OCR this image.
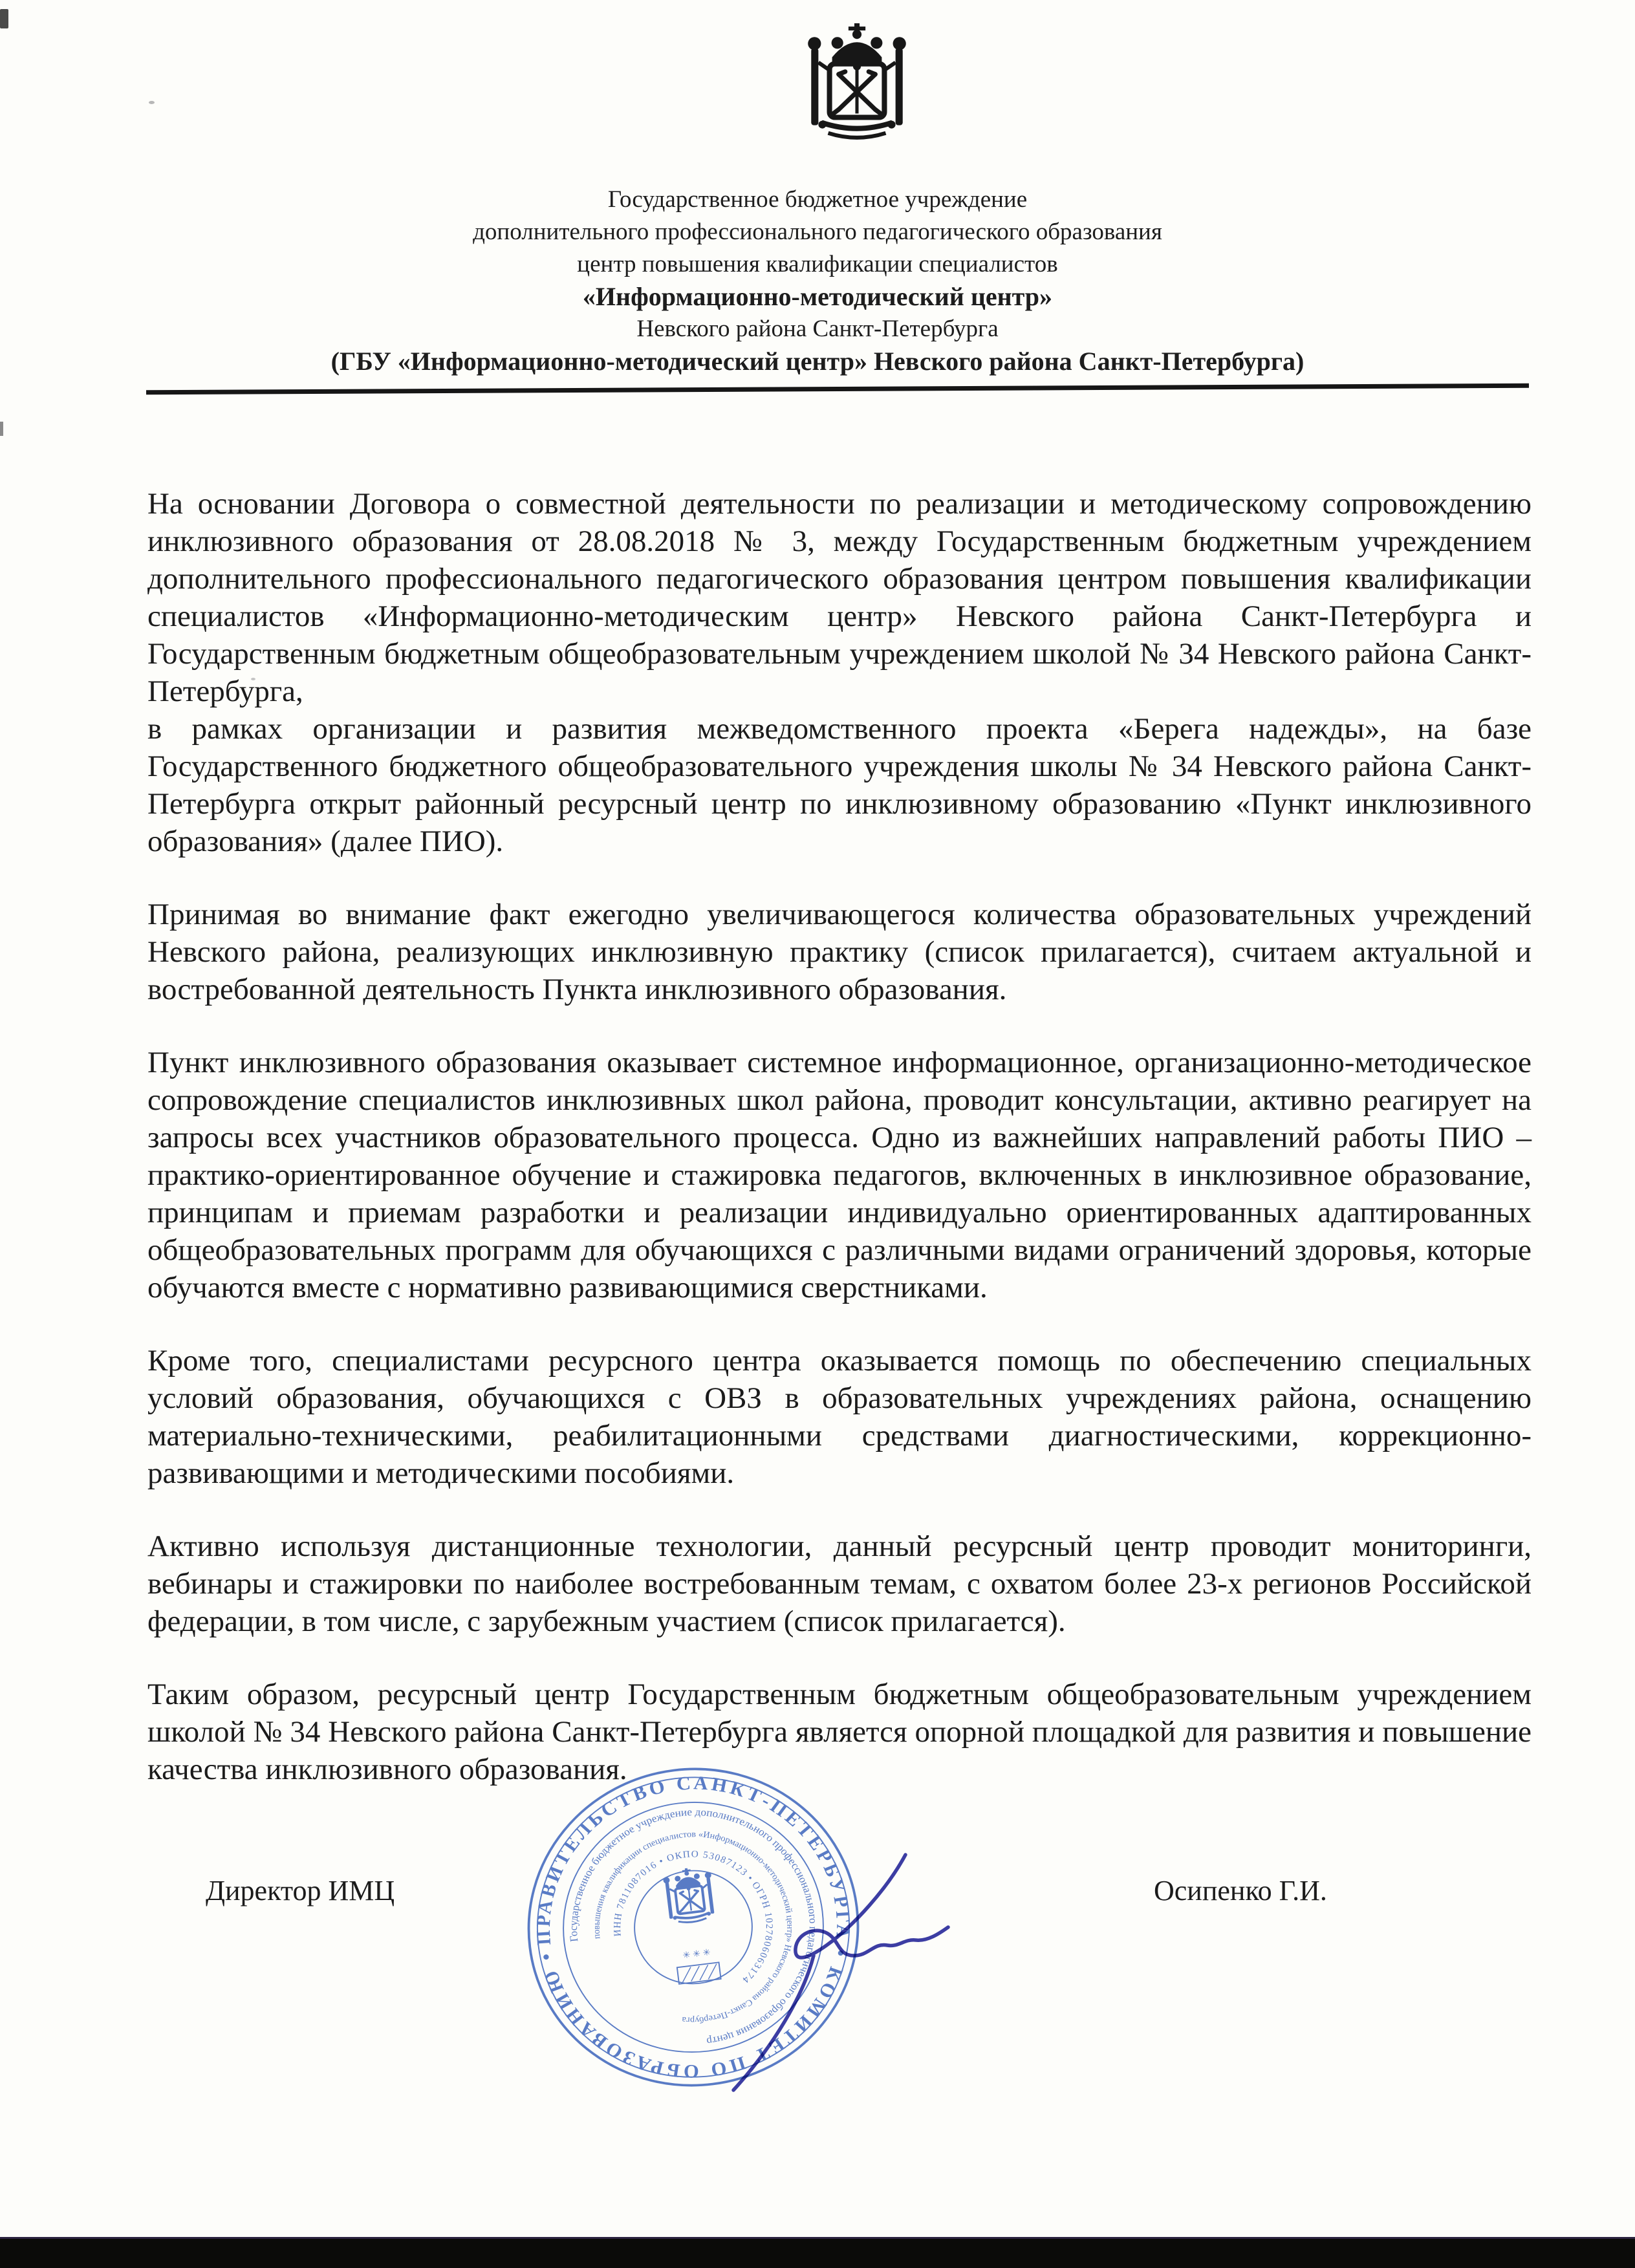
Государственное бюджетное учреждение
дополнительного профессионального педагогического образования
центр повышения квалификации специалистов
«Информационно-методический центр»
Невского района Санкт-Петербурга
(ГБУ «Информационно-методический центр» Невского района Санкт-Петербурга)

На основании Договора о совместной деятельности по реализации и методическому сопровождению инклюзивного образования от 28.08.2018 № 3, между Государственным бюджетным учреждением дополнительного профессионального педагогического образования центром повышения квалификации специалистов «Информационно-методическим центр» Невского района Санкт-Петербурга и Государственным бюджетным общеобразовательным учреждением школой № 34 Невского района Санкт-Петербурга,

в рамках организации и развития межведомственного проекта «Берега надежды», на базе Государственного бюджетного общеобразовательного учреждения школы № 34 Невского района Санкт-Петербурга открыт районный ресурсный центр по инклюзивному образованию «Пункт инклюзивного образования» (далее ПИО).

Принимая во внимание факт ежегодно увеличивающегося количества образовательных учреждений Невского района, реализующих инклюзивную практику (список прилагается), считаем актуальной и востребованной деятельность Пункта инклюзивного образования.

Пункт инклюзивного образования оказывает системное информационное, организационно-методическое сопровождение специалистов инклюзивных школ района, проводит консультации, активно реагирует на запросы всех участников образовательного процесса. Одно из важнейших направлений работы ПИО – практико-ориентированное обучение и стажировка педагогов, включенных в инклюзивное образование, принципам и приемам разработки и реализации индивидуально ориентированных адаптированных общеобразовательных программ для обучающихся с различными видами ограничений здоровья, которые обучаются вместе с нормативно развивающимися сверстниками.

Кроме того, специалистами ресурсного центра оказывается помощь по обеспечению специальных условий образования, обучающихся с ОВЗ в образовательных учреждениях района, оснащению материально-техническими, реабилитационными средствами диагностическими, коррекционно-развивающими и методическими пособиями.

Активно используя дистанционные технологии, данный ресурсный центр проводит мониторинги, вебинары и стажировки по наиболее востребованным темам, с охватом более 23-х регионов Российской федерации, в том числе, с зарубежным участием (список прилагается).

Таким образом, ресурсный центр Государственным бюджетным общеобразовательным учреждением школой № 34 Невского района Санкт-Петербурга является опорной площадкой для развития и повышение качества инклюзивного образования.

Директор ИМЦ	Осипенко Г.И.
ПРАВИТЕЛЬСТВО САНКТ-ПЕТЕРБУРГА • КОМИТЕТ ПО ОБРАЗОВАНИЮ •
Государственное бюджетное учреждение дополнительного профессионального педагогического образования центр
повышения квалификации специалистов «Информационно-методический центр» Невского района Санкт-Петербурга
ИНН 7811087016 • ОКПО 53087123 • ОГРН 1027806063174
✳ ✳ ✳
